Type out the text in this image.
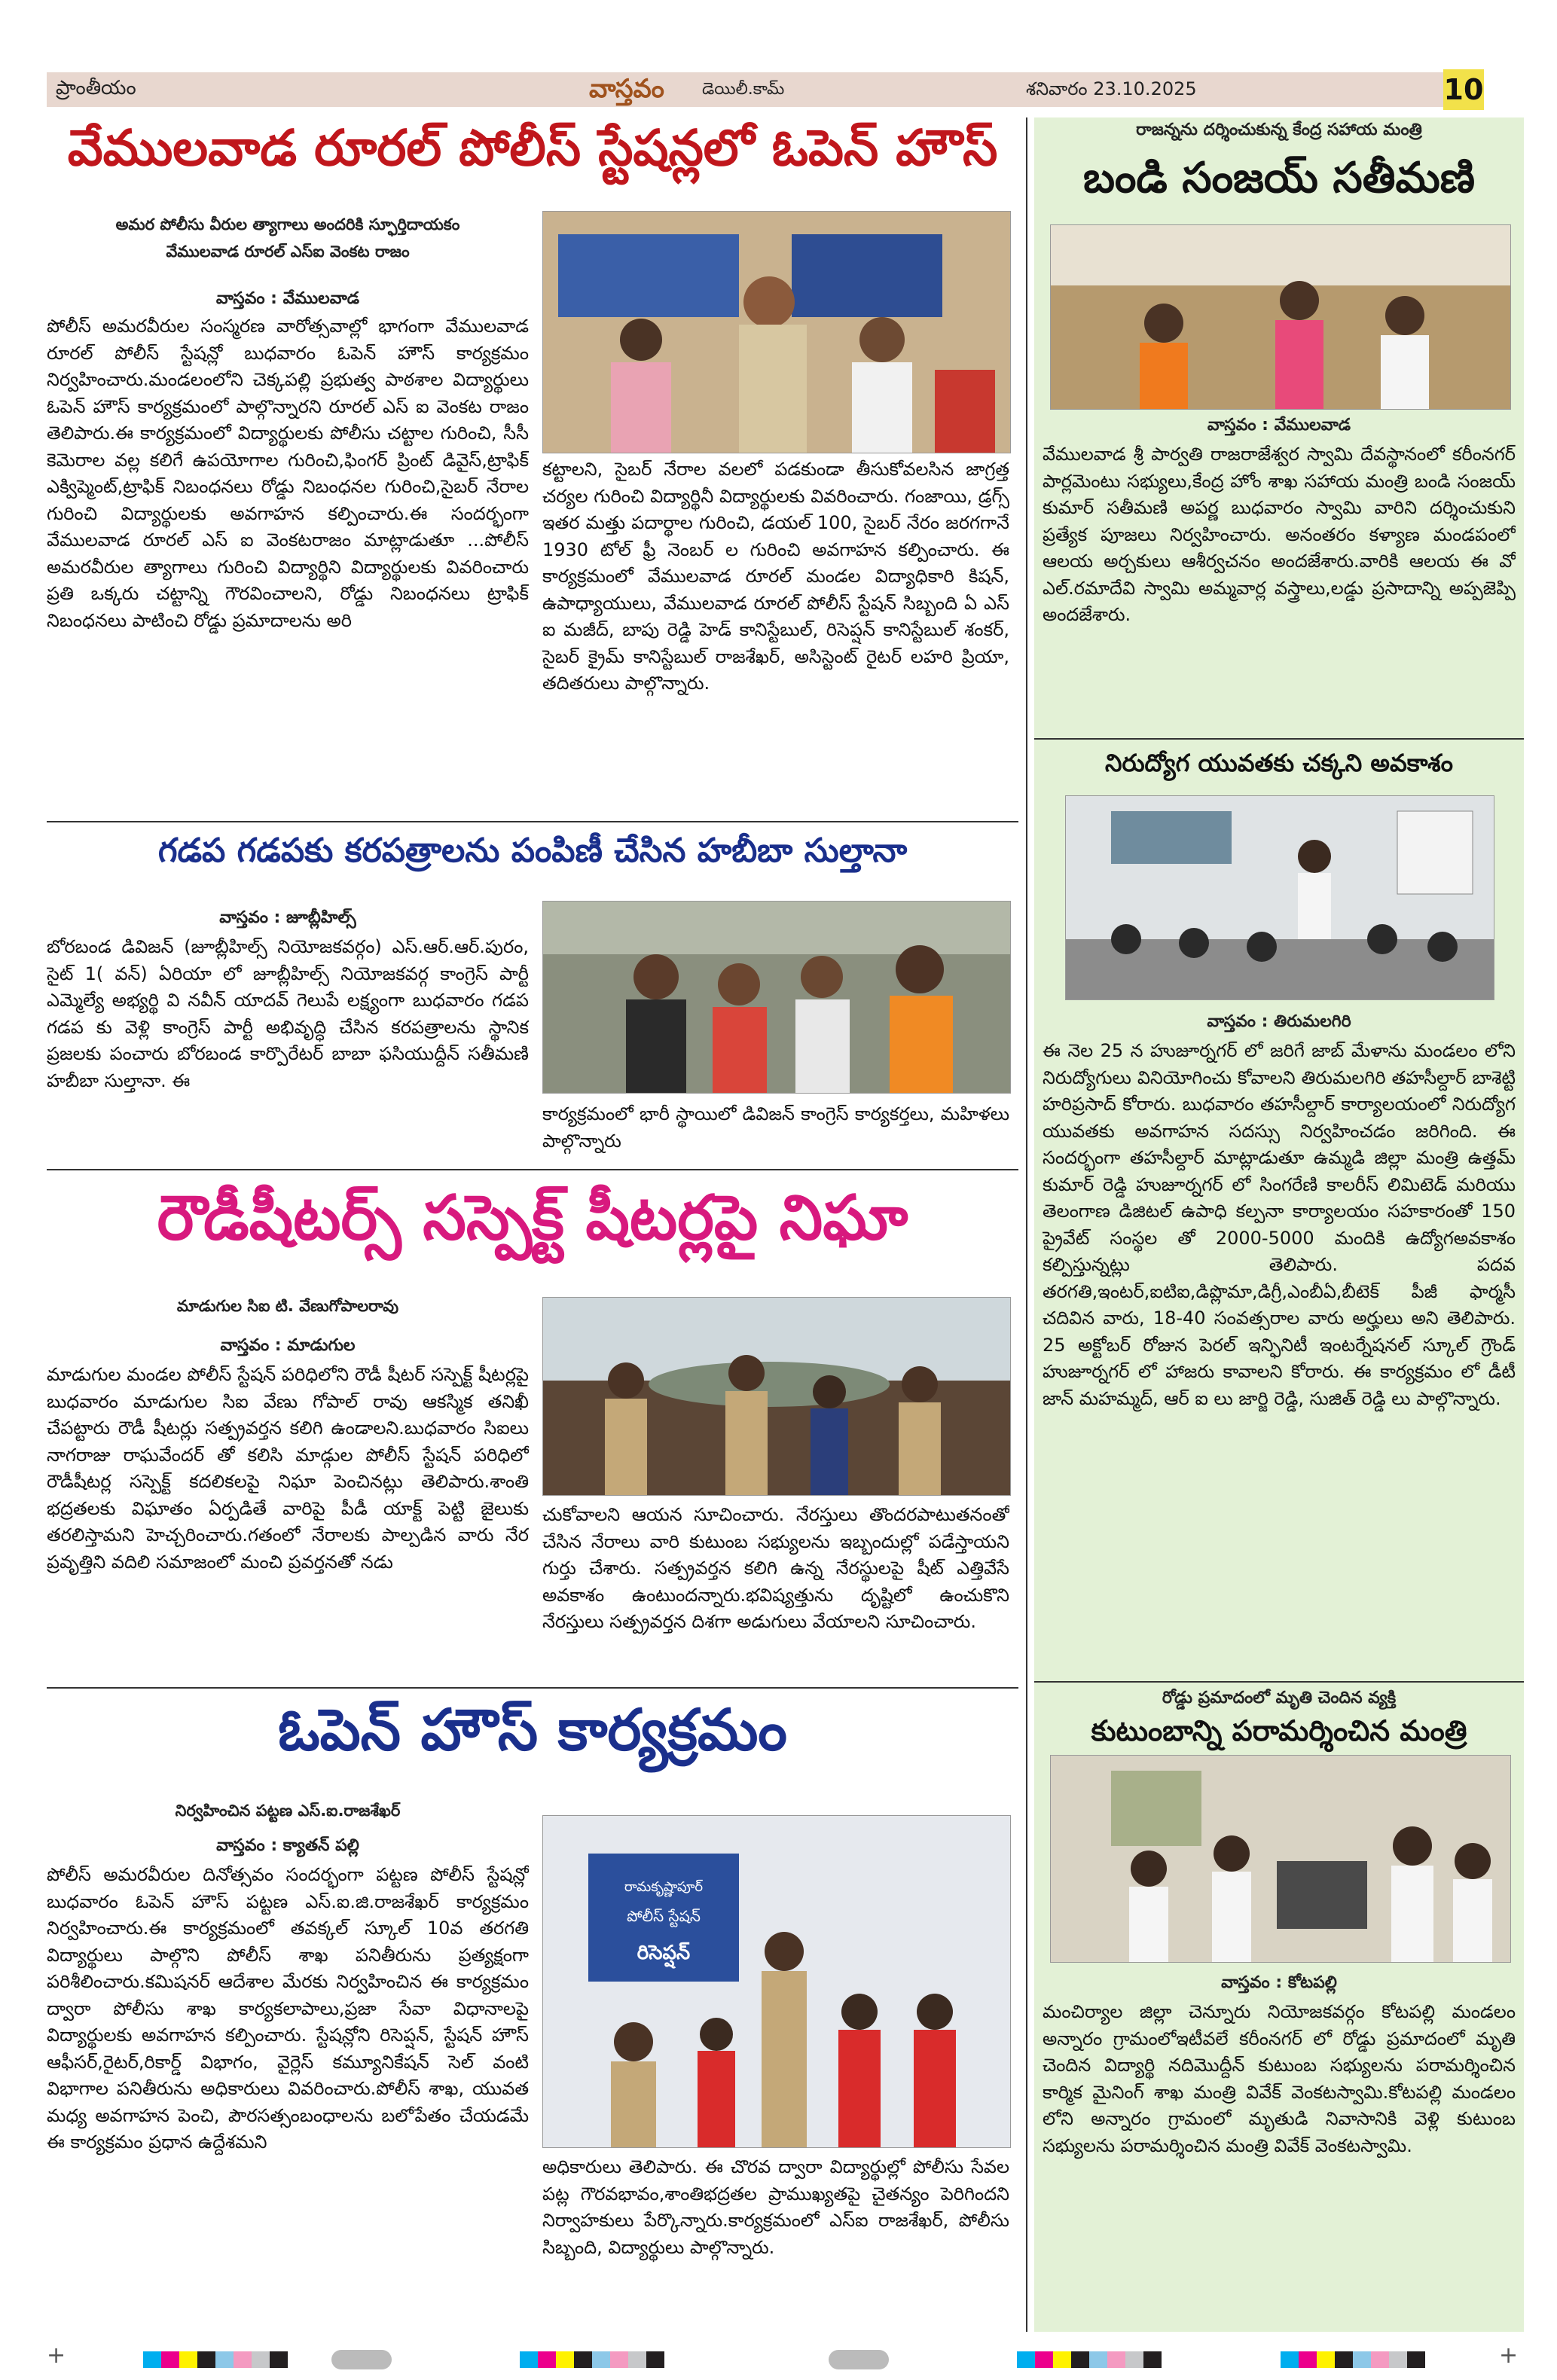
ప్రాంతీయం	వాస్తవం డెయిలీ.కామ్	శనివారం 23.10.2025	10
వేములవాడ రూరల్ పోలీస్ స్టేషన్లలో ఓపెన్ హౌస్
అమర పోలీసు వీరుల త్యాగాలు అందరికి స్ఫూర్తిదాయకం
వేములవాడ రూరల్ ఎస్ఐ వెంకట రాజం
వాస్తవం : వేములవాడ
పోలీస్ అమరవీరుల సంస్మరణ వారోత్సవాల్లో భాగంగా వేములవాడ రూరల్ పోలీస్ స్టేషన్లో బుధవారం ఓపెన్ హౌస్ కార్యక్రమం నిర్వహించారు.మండలంలోని చెక్కపల్లి ప్రభుత్వ పాఠశాల విద్యార్థులు ఓపెన్ హౌస్ కార్యక్రమంలో పాల్గొన్నారని రూరల్ ఎస్ ఐ వెంకట రాజం తెలిపారు.ఈ కార్యక్రమంలో విద్యార్థులకు పోలీసు చట్టాల గురించి, సీసీ కెమెరాల వల్ల కలిగే ఉపయోగాల గురించి,ఫింగర్ ప్రింట్ డివైస్,ట్రాఫిక్ ఎక్విప్మెంట్,ట్రాఫిక్ నిబంధనలు రోడ్డు నిబంధనల గురించి,సైబర్ నేరాల గురించి విద్యార్థులకు అవగాహన కల్పించారు.ఈ సందర్భంగా వేములవాడ రూరల్ ఎస్ ఐ వెంకటరాజం మాట్లాడుతూ ...పోలీస్ అమరవీరుల త్యాగాలు గురించి విద్యార్థిని విద్యార్థులకు వివరించారు ప్రతి ఒక్కరు చట్టాన్ని గౌరవించాలని, రోడ్డు నిబంధనలు ట్రాఫిక్ నిబంధనలు పాటించి రోడ్డు ప్రమాదాలను అరి
కట్టాలని, సైబర్ నేరాల వలలో పడకుండా తీసుకోవలసిన జాగ్రత్త చర్యల గురించి విద్యార్థినీ విద్యార్థులకు వివరించారు. గంజాయి, డ్రగ్స్ ఇతర మత్తు పదార్థాల గురించి, డయల్ 100, సైబర్ నేరం జరగగానే 1930 టోల్ ఫ్రీ నెంబర్ ల గురించి అవగాహన కల్పించారు. ఈ కార్యక్రమంలో వేములవాడ రూరల్ మండల విద్యాధికారి కిషన్, ఉపాధ్యాయులు, వేములవాడ రూరల్ పోలీస్ స్టేషన్ సిబ్బంది ఏ ఎస్ ఐ మజీద్, బాపు రెడ్డి హెడ్ కానిస్టేబుల్, రిసెప్షన్ కానిస్టేబుల్ శంకర్, సైబర్ క్రైమ్ కానిస్టేబుల్ రాజశేఖర్, అసిస్టెంట్ రైటర్ లహరి ప్రియా, తదితరులు పాల్గొన్నారు.
గడప గడపకు కరపత్రాలను పంపిణీ చేసిన హబీబా సుల్తానా
వాస్తవం : జూబ్లీహిల్స్
బోరబండ డివిజన్ (జూబ్లీహిల్స్ నియోజకవర్గం) ఎస్.ఆర్.ఆర్.పురం, సైట్ 1( వన్) ఏరియా లో జూబ్లీహిల్స్ నియోజకవర్గ కాంగ్రెస్ పార్టీ ఎమ్మెల్యే అభ్యర్థి వి నవీన్ యాదవ్ గెలుపే లక్ష్యంగా బుధవారం గడప గడప కు వెళ్లి కాంగ్రెస్ పార్టీ అభివృద్ధి చేసిన కరపత్రాలను స్థానిక ప్రజలకు పంచారు బోరబండ కార్పొరేటర్ బాబా ఫసియుద్దీన్ సతీమణి హబీబా సుల్తానా. ఈ
కార్యక్రమంలో భారీ స్థాయిలో డివిజన్ కాంగ్రెస్ కార్యకర్తలు, మహిళలు పాల్గొన్నారు
రౌడీషీటర్స్ సస్పెక్ట్ షీటర్లపై నిఘా
మాడుగుల సిఐ టి. వేణుగోపాలరావు
వాస్తవం : మాడుగుల
మాడుగుల మండల పోలీస్ స్టేషన్ పరిధిలోని రౌడీ షీటర్ సస్పెక్ట్ షీటర్లపై బుధవారం మాడుగుల సిఐ వేణు గోపాల్ రావు ఆకస్మిక తనిఖీ చేపట్టారు రౌడీ షీటర్లు సత్ప్రవర్తన కలిగి ఉండాలని.బుధవారం సిఐలు నాగరాజు రాఘవేందర్ తో కలిసి మాడ్గుల పోలీస్ స్టేషన్ పరిధిలో రౌడీషీటర్ల సస్పెక్ట్ కదలికలపై నిఘా పెంచినట్లు తెలిపారు.శాంతి భద్రతలకు విఘాతం ఏర్పడితే వారిపై పీడీ యాక్ట్ పెట్టి జైలుకు తరలిస్తామని హెచ్చరించారు.గతంలో నేరాలకు పాల్పడిన వారు నేర ప్రవృత్తిని వదిలి సమాజంలో మంచి ప్రవర్తనతో నడు
చుకోవాలని ఆయన సూచించారు. నేరస్తులు తొందరపాటుతనంతో చేసిన నేరాలు వారి కుటుంబ సభ్యులను ఇబ్బందుల్లో పడేస్తాయని గుర్తు చేశారు. సత్ప్రవర్తన కలిగి ఉన్న నేరస్థులపై షీట్ ఎత్తివేసే అవకాశం ఉంటుందన్నారు.భవిష్యత్తును దృష్టిలో ఉంచుకొని నేరస్తులు సత్ప్రవర్తన దిశగా అడుగులు వేయాలని సూచించారు.
ఓపెన్ హౌస్ కార్యక్రమం
నిర్వహించిన పట్టణ ఎస్.ఐ.రాజశేఖర్
వాస్తవం : క్యాతన్ పల్లి
పోలీస్ అమరవీరుల దినోత్సవం సందర్భంగా పట్టణ పోలీస్ స్టేషన్లో బుధవారం ఓపెన్ హౌస్ పట్టణ ఎస్.ఐ.జి.రాజశేఖర్ కార్యక్రమం నిర్వహించారు.ఈ కార్యక్రమంలో తవక్కల్ స్కూల్ 10వ తరగతి విద్యార్థులు పాల్గొని పోలీస్ శాఖ పనితీరును ప్రత్యక్షంగా పరిశీలించారు.కమిషనర్ ఆదేశాల మేరకు నిర్వహించిన ఈ కార్యక్రమం ద్వారా పోలీసు శాఖ కార్యకలాపాలు,ప్రజా సేవా విధానాలపై విద్యార్థులకు అవగాహన కల్పించారు. స్టేషన్లోని రిసెప్షన్, స్టేషన్ హౌస్ ఆఫీసర్,రైటర్,రికార్డ్ విభాగం, వైర్లెస్ కమ్యూనికేషన్ సెల్ వంటి విభాగాల పనితీరును అధికారులు వివరించారు.పోలీస్ శాఖ, యువత మధ్య అవగాహన పెంచి, పౌరసత్సంబంధాలను బలోపేతం చేయడమే ఈ కార్యక్రమం ప్రధాన ఉద్దేశమని
రామకృష్ణాపూర్
పోలీస్ స్టేషన్
రిసెప్షన్
అధికారులు తెలిపారు. ఈ చొరవ ద్వారా విద్యార్థుల్లో పోలీసు సేవల పట్ల గౌరవభావం,శాంతిభద్రతల ప్రాముఖ్యతపై చైతన్యం పెరిగిందని నిర్వాహకులు పేర్కొన్నారు.కార్యక్రమంలో ఎస్ఐ రాజశేఖర్, పోలీసు సిబ్బంది, విద్యార్థులు పాల్గొన్నారు.
రాజన్నను దర్శించుకున్న కేంద్ర సహాయ మంత్రి
బండి సంజయ్ సతీమణి
వాస్తవం : వేములవాడ
వేములవాడ శ్రీ పార్వతి రాజరాజేశ్వర స్వామి దేవస్థానంలో కరీంనగర్ పార్లమెంటు సభ్యులు,కేంద్ర హోం శాఖ సహాయ మంత్రి బండి సంజయ్ కుమార్ సతీమణి అపర్ణ బుధవారం స్వామి వారిని దర్శించుకుని ప్రత్యేక పూజలు నిర్వహించారు. అనంతరం కళ్యాణ మండపంలో ఆలయ అర్చకులు ఆశీర్వచనం అందజేశారు.వారికి ఆలయ ఈ వో ఎల్.రమాదేవి స్వామి అమ్మవార్ల వస్త్రాలు,లడ్డు ప్రసాదాన్ని అప్పజెప్పి అందజేశారు.
నిరుద్యోగ యువతకు చక్కని అవకాశం
వాస్తవం : తిరుమలగిరి
ఈ నెల 25 న హుజూర్నగర్ లో జరిగే జాబ్ మేళాను మండలం లోని నిరుద్యోగులు వినియోగించు కోవాలని తిరుమలగిరి తహసీల్దార్ బాశెట్టి హరిప్రసాద్ కోరారు. బుధవారం తహసీల్దార్ కార్యాలయంలో నిరుద్యోగ యువతకు అవగాహన సదస్సు నిర్వహించడం జరిగింది. ఈ సందర్భంగా తహసీల్దార్ మాట్లాడుతూ ఉమ్మడి జిల్లా మంత్రి ఉత్తమ్ కుమార్ రెడ్డి హుజూర్నగర్ లో సింగరేణి కాలరీస్ లిమిటెడ్ మరియు తెలంగాణ డిజిటల్ ఉపాధి కల్పనా కార్యాలయం సహకారంతో 150 ప్రైవేట్ సంస్థల తో 2000-5000 మందికి ఉద్యోగఅవకాశం కల్పిస్తున్నట్లు తెలిపారు. పదవ తరగతి,ఇంటర్,ఐటిఐ,డిప్లొమా,డిగ్రీ,ఎంబీఏ,బీటెక్ పీజీ ఫార్మసీ చదివిన వారు, 18-40 సంవత్సరాల వారు అర్హులు అని తెలిపారు. 25 అక్టోబర్ రోజున పెరల్ ఇన్ఫినిటీ ఇంటర్నేషనల్ స్కూల్ గ్రౌండ్ హుజూర్నగర్ లో హాజరు కావాలని కోరారు. ఈ కార్యక్రమం లో డీటీ జాన్ మహమ్మద్, ఆర్ ఐ లు జార్జి రెడ్డి, సుజిత్ రెడ్డి లు పాల్గొన్నారు.
రోడ్డు ప్రమాదంలో మృతి చెందిన వ్యక్తి
కుటుంబాన్ని పరామర్శించిన మంత్రి
వాస్తవం : కోటపల్లి
మంచిర్యాల జిల్లా చెన్నూరు నియోజకవర్గం కోటపల్లి మండలం అన్నారం గ్రామంలోఇటీవలే కరీంనగర్ లో రోడ్డు ప్రమాదంలో మృతి చెందిన విద్యార్థి నదిమొద్దీన్ కుటుంబ సభ్యులను పరామర్శించిన కార్మిక మైనింగ్ శాఖ మంత్రి వివేక్ వెంకటస్వామి.కోటపల్లి మండలం లోని అన్నారం గ్రామంలో మృతుడి నివాసానికి వెళ్లి కుటుంబ సభ్యులను పరామర్శించిన మంత్రి వివేక్ వెంకటస్వామి.
+	+
